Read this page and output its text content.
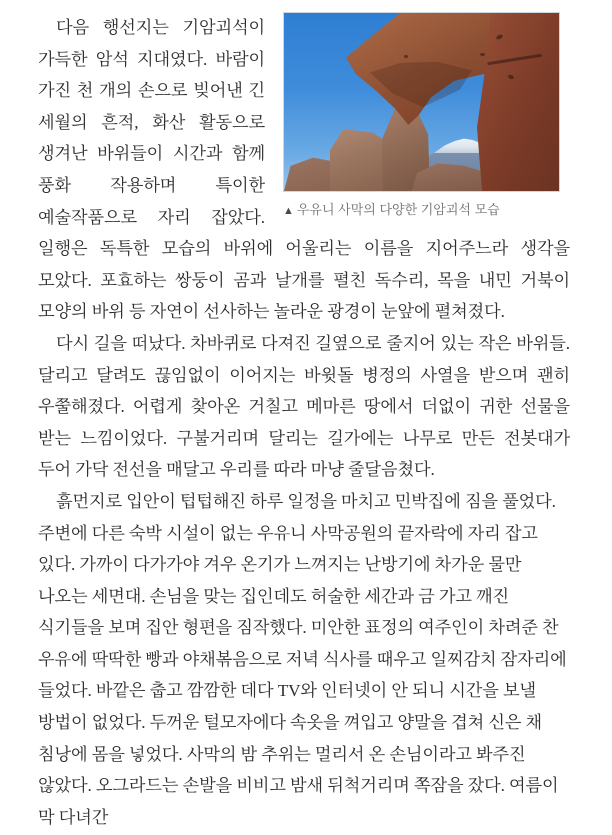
▲ 우유니 사막의 다양한 기암괴석 모습

다음 행선지는 기암괴석이 가득한 암석 지대였다. 바람이 가진 천 개의 손으로 빚어낸 긴 세월의 흔적, 화산 활동으로 생겨난 바위들이 시간과 함께 풍화 작용하며 특이한 예술작품으로 자리 잡았다. 일행은 독특한 모습의 바위에 어울리는 이름을 지어주느라 생각을 모았다. 포효하는 쌍둥이 곰과 날개를 펼친 독수리, 목을 내민 거북이 모양의 바위 등 자연이 선사하는 놀라운 광경이 눈앞에 펼쳐졌다.

다시 길을 떠났다. 차바퀴로 다져진 길옆으로 줄지어 있는 작은 바위들. 달리고 달려도 끊임없이 이어지는 바윗돌 병정의 사열을 받으며 괜히 우쭐해졌다. 어렵게 찾아온 거칠고 메마른 땅에서 더없이 귀한 선물을 받는 느낌이었다. 구불거리며 달리는 길가에는 나무로 만든 전봇대가 두어 가닥 전선을 매달고 우리를 따라 마냥 줄달음쳤다.

흙먼지로 입안이 텁텁해진 하루 일정을 마치고 민박집에 짐을 풀었다. 주변에 다른 숙박 시설이 없는 우유니 사막공원의 끝자락에 자리 잡고 있다. 가까이 다가가야 겨우 온기가 느껴지는 난방기에 차가운 물만 나오는 세면대. 손님을 맞는 집인데도 허술한 세간과 금 가고 깨진 식기들을 보며 집안 형편을 짐작했다. 미안한 표정의 여주인이 차려준 찬 우유에 딱딱한 빵과 야채볶음으로 저녁 식사를 때우고 일찌감치 잠자리에 들었다. 바깥은 춥고 깜깜한 데다 TV와 인터넷이 안 되니 시간을 보낼 방법이 없었다. 두꺼운 털모자에다 속옷을 껴입고 양말을 겹쳐 신은 채 침낭에 몸을 넣었다. 사막의 밤 추위는 멀리서 온 손님이라고 봐주진 않았다. 오그라드는 손발을 비비고 밤새 뒤척거리며 쪽잠을 잤다. 여름이 막 다녀간
